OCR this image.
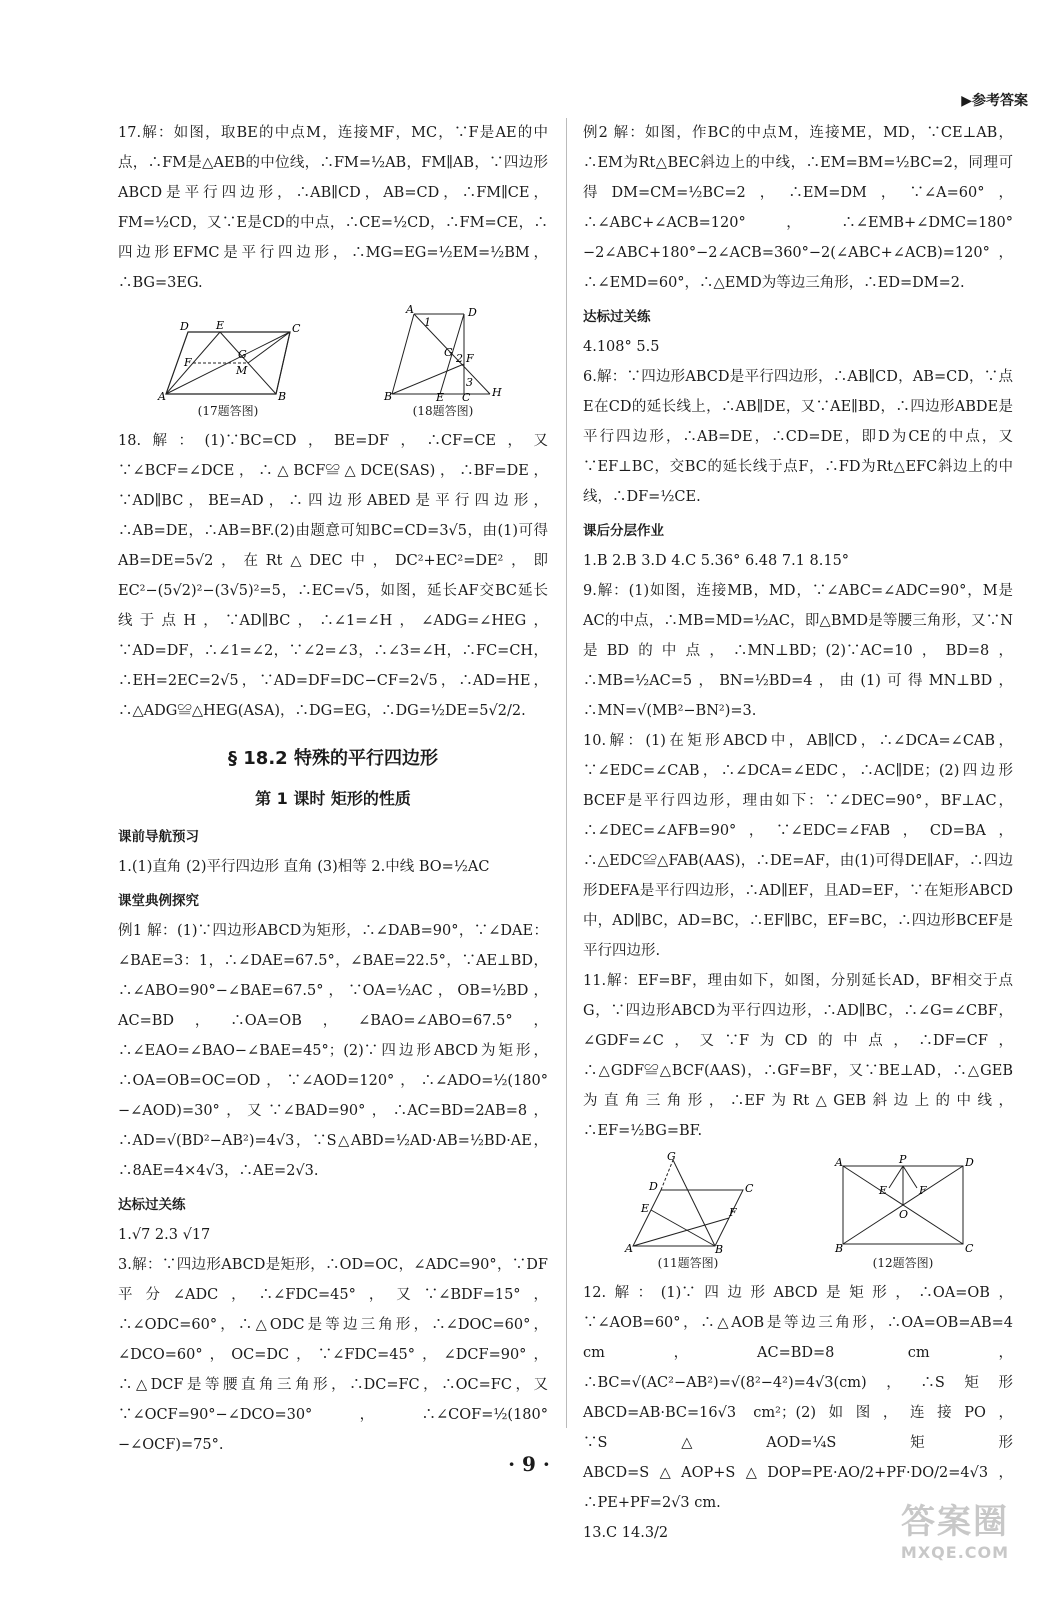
▶参考答案

17.解：如图，取BE的中点M，连接MF，MC，∵F是AE的中点，∴FM是△AEB的中位线，∴FM=½AB，FM∥AB，∵四边形ABCD是平行四边形，∴AB∥CD，AB=CD，∴FM∥CE，FM=½CD，又∵E是CD的中点，∴CE=½CD，∴FM=CE，∴四边形EFMC是平行四边形，∴MG=EG=½EM=½BM，∴BG=3EG.

A	B
C
D E
F
G
M
(17题答图)
A
B	C
D
E
F
G
H
1
2
3
(18题答图)

18.解：(1)∵BC=CD，BE=DF，∴CF=CE，又∵∠BCF=∠DCE，∴△BCF≌△DCE(SAS)，∴BF=DE，∵AD∥BC，BE=AD，∴四边形ABED是平行四边形，∴AB=DE，∴AB=BF.(2)由题意可知BC=CD=3√5，由(1)可得AB=DE=5√2，在Rt△DEC中，DC²+EC²=DE²，即EC²−(5√2)²−(3√5)²=5，∴EC=√5，如图，延长AF交BC延长线于点H，∵AD∥BC，∴∠1=∠H，∠ADG=∠HEG，∵AD=DF，∴∠1=∠2，∵∠2=∠3，∴∠3=∠H，∴FC=CH，∴EH=2EC=2√5，∵AD=DF=DC−CF=2√5，∴AD=HE，∴△ADG≌△HEG(ASA)，∴DG=EG，∴DG=½DE=5√2/2.

§ 18.2 特殊的平行四边形
第 1 课时 矩形的性质
课前导航预习

1.(1)直角 (2)平行四边形 直角 (3)相等 2.中线 BO=½AC

课堂典例探究

例1 解：(1)∵四边形ABCD为矩形，∴∠DAB=90°，∵∠DAE：∠BAE=3：1，∴∠DAE=67.5°，∠BAE=22.5°，∵AE⊥BD，∴∠ABO=90°−∠BAE=67.5°，∵OA=½AC，OB=½BD，AC=BD，∴OA=OB，∠BAO=∠ABO=67.5°，∴∠EAO=∠BAO−∠BAE=45°；(2)∵四边形ABCD为矩形，∴OA=OB=OC=OD，∵∠AOD=120°，∴∠ADO=½(180°−∠AOD)=30°，又∵∠BAD=90°，∴AC=BD=2AB=8，∴AD=√(BD²−AB²)=4√3，∵S△ABD=½AD·AB=½BD·AE，∴8AE=4×4√3，∴AE=2√3.

达标过关练

1.√7 2.3 √17

3.解：∵四边形ABCD是矩形，∴OD=OC，∠ADC=90°，∵DF平分∠ADC，∴∠FDC=45°，又∵∠BDF=15°，∴∠ODC=60°，∴△ODC是等边三角形，∴∠DOC=60°，∠DCO=60°，OC=DC，∵∠FDC=45°，∠DCF=90°，∴△DCF是等腰直角三角形，∴DC=FC，∴OC=FC，又∵∠OCF=90°−∠DCO=30°，∴∠COF=½(180°−∠OCF)=75°.

例2 解：如图，作BC的中点M，连接ME，MD，∵CE⊥AB，∴EM为Rt△BEC斜边上的中线，∴EM=BM=½BC=2，同理可得DM=CM=½BC=2，∴EM=DM，∵∠A=60°，∴∠ABC+∠ACB=120°，∴∠EMB+∠DMC=180°−2∠ABC+180°−2∠ACB=360°−2(∠ABC+∠ACB)=120°，∴∠EMD=60°，∴△EMD为等边三角形，∴ED=DM=2.

达标过关练

4.108° 5.5

6.解：∵四边形ABCD是平行四边形，∴AB∥CD，AB=CD，∵点E在CD的延长线上，∴AB∥DE，又∵AE∥BD，∴四边形ABDE是平行四边形，∴AB=DE，∴CD=DE，即D为CE的中点，又∵EF⊥BC，交BC的延长线于点F，∴FD为Rt△EFC斜边上的中线，∴DF=½CE.

课后分层作业

1.B 2.B 3.D 4.C 5.36° 6.48 7.1 8.15°

9.解：(1)如图，连接MB，MD，∵∠ABC=∠ADC=90°，M是AC的中点，∴MB=MD=½AC，即△BMD是等腰三角形，又∵N是BD的中点，∴MN⊥BD；(2)∵AC=10，BD=8，∴MB=½AC=5，BN=½BD=4，由(1)可得MN⊥BD，∴MN=√(MB²−BN²)=3.

10.解：(1)在矩形ABCD中，AB∥CD，∴∠DCA=∠CAB，∵∠EDC=∠CAB，∴∠DCA=∠EDC，∴AC∥DE；(2)四边形BCEF是平行四边形，理由如下：∵∠DEC=90°，BF⊥AC，∴∠DEC=∠AFB=90°，∵∠EDC=∠FAB，CD=BA，∴△EDC≌△FAB(AAS)，∴DE=AF，由(1)可得DE∥AF，∴四边形DEFA是平行四边形，∴AD∥EF，且AD=EF，∵在矩形ABCD中，AD∥BC，AD=BC，∴EF∥BC，EF=BC，∴四边形BCEF是平行四边形.

11.解：EF=BF，理由如下，如图，分别延长AD，BF相交于点G，∵四边形ABCD为平行四边形，∴AD∥BC，∴∠G=∠CBF，∠GDF=∠C，又∵F为CD的中点，∴DF=CF，∴△GDF≌△BCF(AAS)，∴GF=BF，又∵BE⊥AD，∴△GEB为直角三角形，∴EF为Rt△GEB斜边上的中线，∴EF=½BG=BF.

G
D	C
A	B
E	F
(11题答图)
A	P	D
B	C
E	F
O
(12题答图)

12.解：(1)∵四边形ABCD是矩形，∴OA=OB，∵∠AOB=60°，∴△AOB是等边三角形，∴OA=OB=AB=4 cm，AC=BD=8 cm，∴BC=√(AC²−AB²)=√(8²−4²)=4√3(cm)，∴S矩形ABCD=AB·BC=16√3 cm²；(2)如图，连接PO，∵S△AOD=¼S矩形ABCD=S△AOP+S△DOP=PE·AO/2+PF·DO/2=4√3，∴PE+PF=2√3 cm.

13.C 14.3/2

· 9 ·
答案圈
MXQE.COM
